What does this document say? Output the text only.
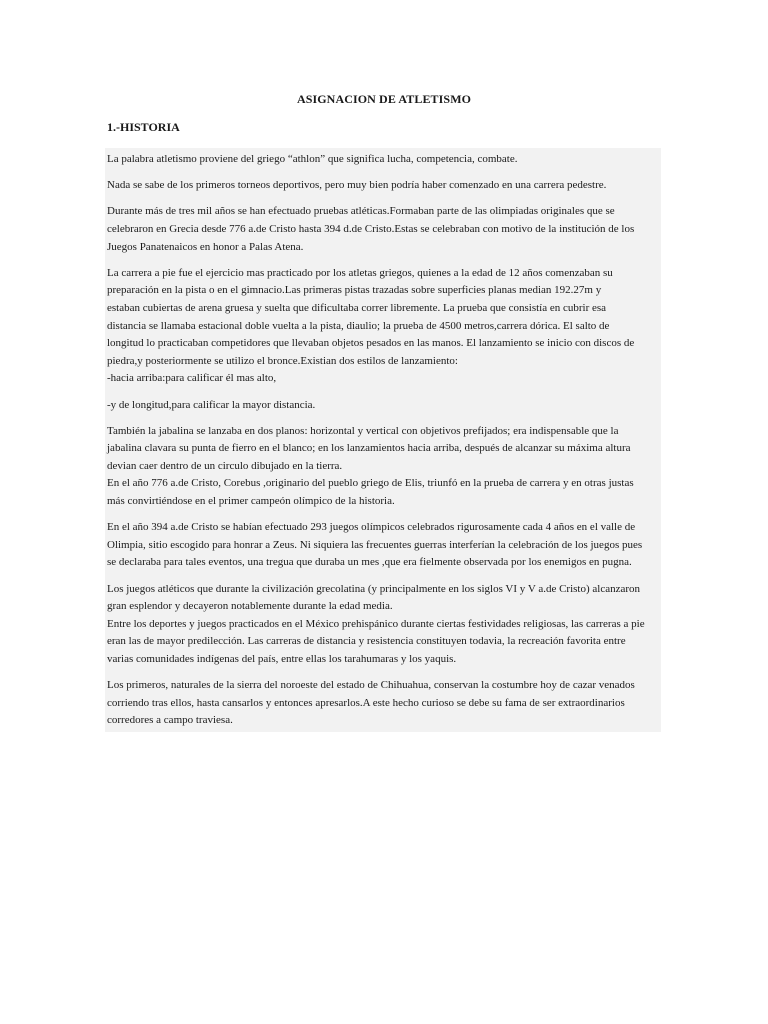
ASIGNACION DE ATLETISMO
1.-HISTORIA

La palabra atletismo proviene del griego “athlon” que significa lucha, competencia, combate.

Nada se sabe de los primeros torneos deportivos, pero muy bien podría haber comenzado en una carrera pedestre.

Durante más de tres mil años se han efectuado pruebas atléticas.Formaban parte de las olimpiadas originales que se
celebraron en Grecia desde 776 a.de Cristo hasta 394 d.de Cristo.Estas se celebraban con motivo de la institución de los
Juegos Panatenaicos en honor a Palas Atena.

La carrera a pie fue el ejercicio mas practicado por los atletas griegos, quienes a la edad de 12 años comenzaban su
preparación en la pista o en el gimnacio.Las primeras pistas trazadas sobre superficies planas median 192.27m y
estaban cubiertas de arena gruesa y suelta que dificultaba correr libremente. La prueba que consistía en cubrir esa
distancia se llamaba estacional doble vuelta a la pista, diaulio; la prueba de 4500 metros,carrera dórica. El salto de
longitud lo practicaban competidores que llevaban objetos pesados en las manos. El lanzamiento se inicio con discos de
piedra,y posteriormente se utilizo el bronce.Existian dos estilos de lanzamiento:
-hacia arriba:para calificar él mas alto,

-y de longitud,para calificar la mayor distancia.

También la jabalina se lanzaba en dos planos: horizontal y vertical con objetivos prefijados; era indispensable que la
jabalina clavara su punta de fierro en el blanco; en los lanzamientos hacia arriba, después de alcanzar su máxima altura
devian caer dentro de un circulo dibujado en la tierra.
En el año 776 a.de Cristo, Corebus ,originario del pueblo griego de Elis, triunfó en la prueba de carrera y en otras justas
más convirtiéndose en el primer campeón olímpico de la historia.

En el año 394 a.de Cristo se habían efectuado 293 juegos olímpicos celebrados rigurosamente cada 4 años en el valle de
Olimpia, sitio escogido para honrar a Zeus. Ni siquiera las frecuentes guerras interferían la celebración de los juegos pues
se declaraba para tales eventos, una tregua que duraba un mes ,que era fielmente observada por los enemigos en pugna.

Los juegos atléticos que durante la civilización grecolatina (y principalmente en los siglos VI y V a.de Cristo) alcanzaron
gran esplendor y decayeron notablemente durante la edad media.
Entre los deportes y juegos practicados en el México prehispánico durante ciertas festividades religiosas, las carreras a pie
eran las de mayor predilección. Las carreras de distancia y resistencia constituyen todavia, la recreación favorita entre
varias comunidades indígenas del país, entre ellas los tarahumaras y los yaquis.

Los primeros, naturales de la sierra del noroeste del estado de Chihuahua, conservan la costumbre hoy de cazar venados
corriendo tras ellos, hasta cansarlos y entonces apresarlos.A este hecho curioso se debe su fama de ser extraordinarios
corredores a campo traviesa.
